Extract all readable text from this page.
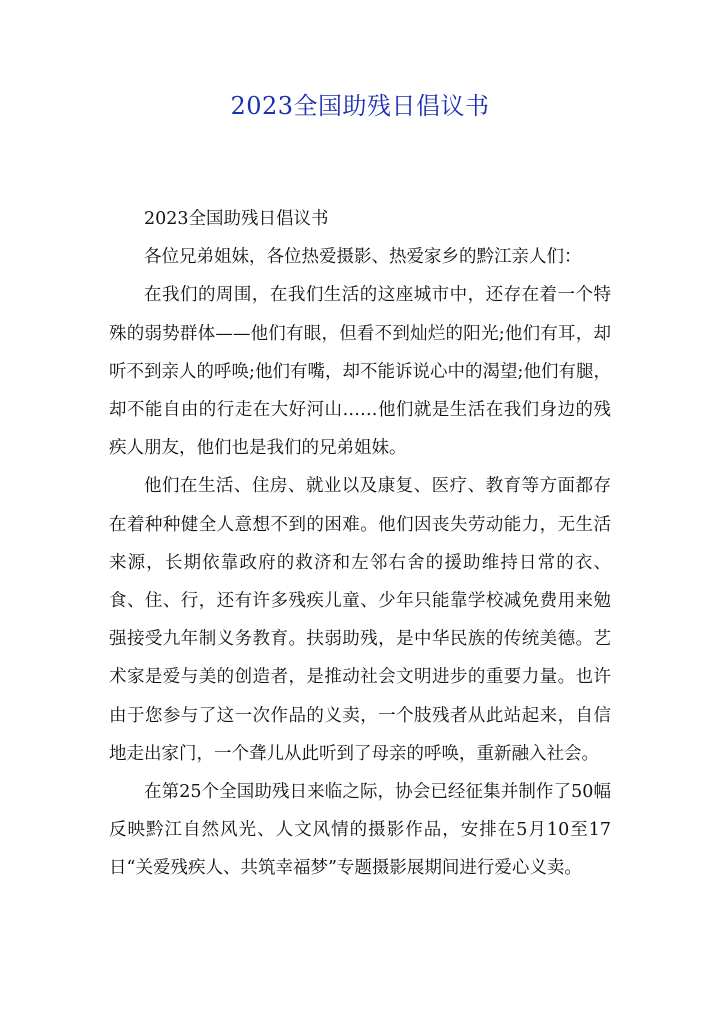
2023全国助残日倡议书

2023全国助残日倡议书

各位兄弟姐妹，各位热爱摄影、热爱家乡的黔江亲人们：

在我们的周围，在我们生活的这座城市中，还存在着一个特殊的弱势群体——他们有眼，但看不到灿烂的阳光;他们有耳，却听不到亲人的呼唤;他们有嘴，却不能诉说心中的渴望;他们有腿，却不能自由的行走在大好河山……他们就是生活在我们身边的残疾人朋友，他们也是我们的兄弟姐妹。

他们在生活、住房、就业以及康复、医疗、教育等方面都存在着种种健全人意想不到的困难。他们因丧失劳动能力，无生活来源，长期依靠政府的救济和左邻右舍的援助维持日常的衣、食、住、行，还有许多残疾儿童、少年只能靠学校减免费用来勉强接受九年制义务教育。扶弱助残，是中华民族的传统美德。艺术家是爱与美的创造者，是推动社会文明进步的重要力量。也许由于您参与了这一次作品的义卖，一个肢残者从此站起来，自信地走出家门，一个聋儿从此听到了母亲的呼唤，重新融入社会。

在第25个全国助残日来临之际，协会已经征集并制作了50幅反映黔江自然风光、人文风情的摄影作品，安排在5月10至17日“关爱残疾人、共筑幸福梦”专题摄影展期间进行爱心义卖。
